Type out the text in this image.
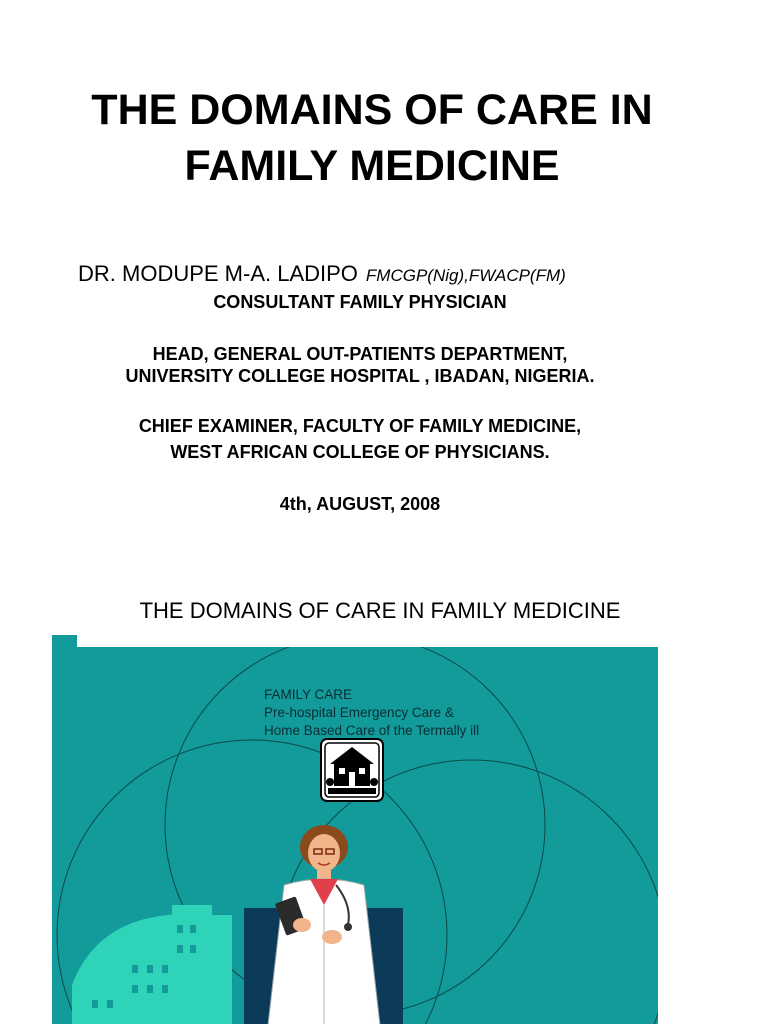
THE DOMAINS OF CARE IN
FAMILY MEDICINE
DR. MODUPE M-A. LADIPO FMCGP(Nig),FWACP(FM)
CONSULTANT FAMILY PHYSICIAN
HEAD, GENERAL OUT-PATIENTS DEPARTMENT,
UNIVERSITY COLLEGE HOSPITAL , IBADAN, NIGERIA.
CHIEF EXAMINER, FACULTY OF FAMILY MEDICINE,
WEST AFRICAN COLLEGE OF PHYSICIANS.
4th, AUGUST, 2008
THE DOMAINS OF CARE IN FAMILY MEDICINE
FAMILY CARE
Pre-hospital Emergency Care &
Home Based Care of the Termally ill
